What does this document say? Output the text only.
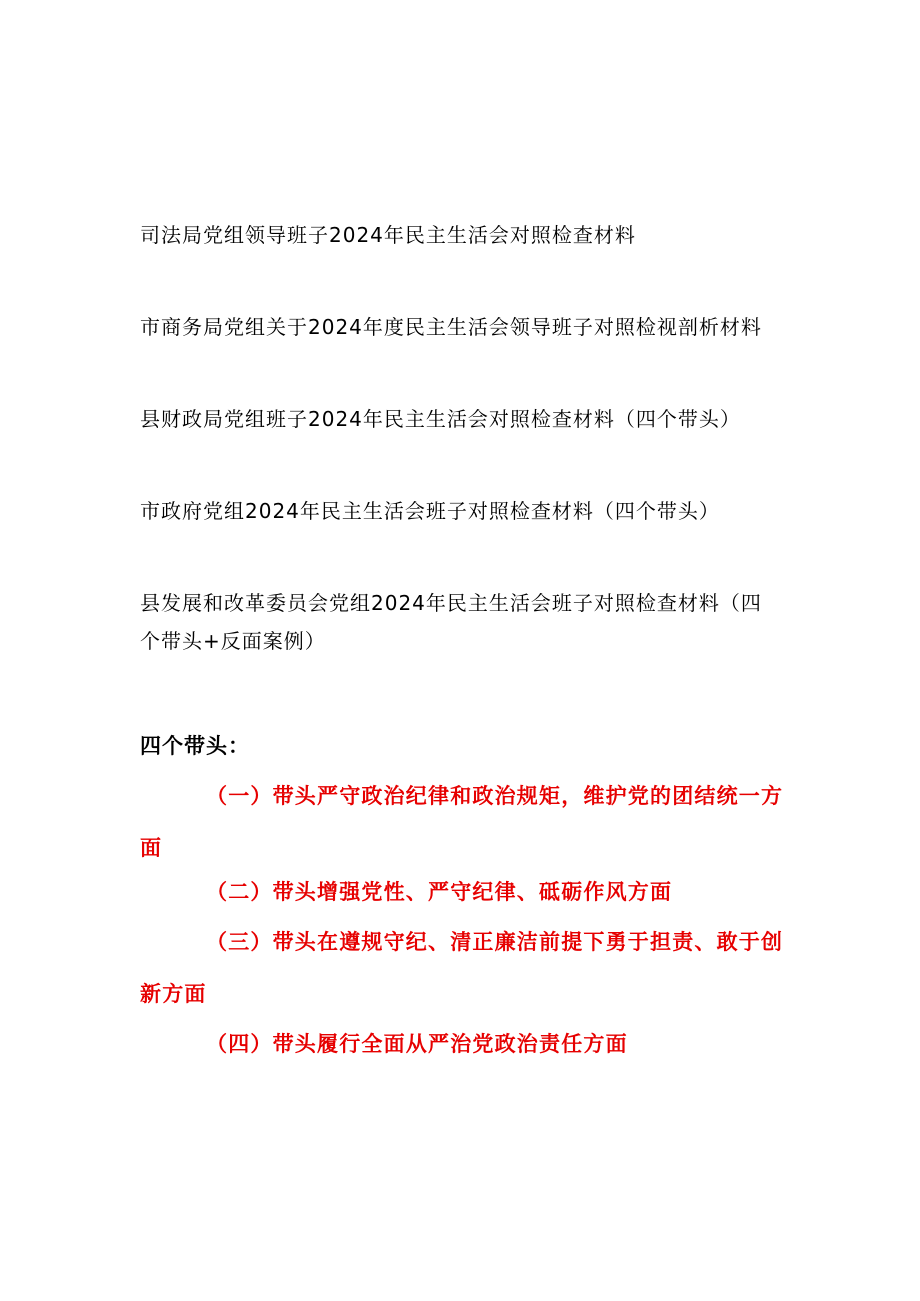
司法局党组领导班子2024年民主生活会对照检查材料

市商务局党组关于2024年度民主生活会领导班子对照检视剖析材料

县财政局党组班子2024年民主生活会对照检查材料（四个带头）

市政府党组2024年民主生活会班子对照检查材料（四个带头）

县发展和改革委员会党组2024年民主生活会班子对照检查材料（四个带头+反面案例）

四个带头：

（一）带头严守政治纪律和政治规矩，维护党的团结统一方面

（二）带头增强党性、严守纪律、砥砺作风方面

（三）带头在遵规守纪、清正廉洁前提下勇于担责、敢于创新方面

（四）带头履行全面从严治党政治责任方面
